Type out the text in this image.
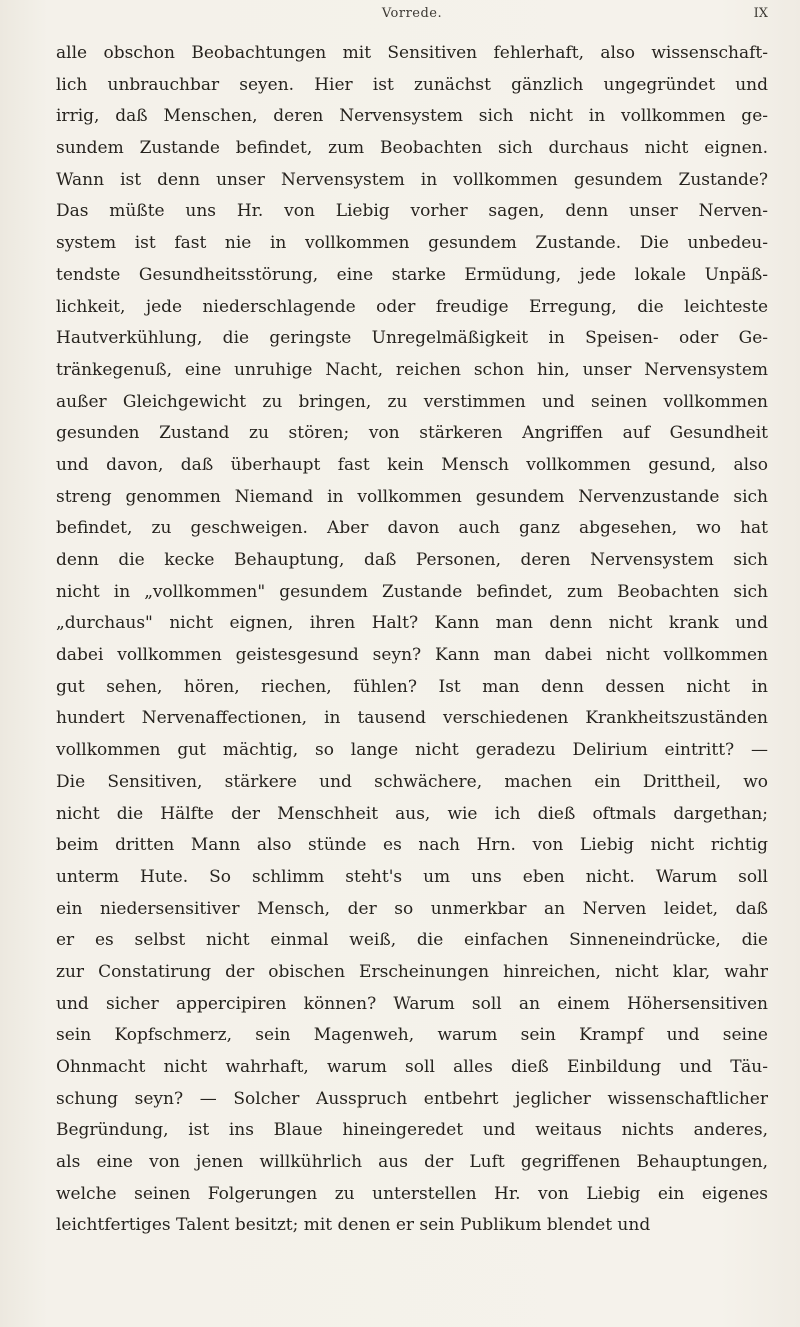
Vorrede.	IX
alle obschon Beobachtungen mit Sensitiven fehlerhaft, also wissenschaft-
lich unbrauchbar seyen. Hier ist zunächst gänzlich ungegründet und
irrig, daß Menschen, deren Nervensystem sich nicht in vollkommen ge-
sundem Zustande befindet, zum Beobachten sich durchaus nicht eignen.
Wann ist denn unser Nervensystem in vollkommen gesundem Zustande?
Das müßte uns Hr. von Liebig vorher sagen, denn unser Nerven-
system ist fast nie in vollkommen gesundem Zustande. Die unbedeu-
tendste Gesundheitsstörung, eine starke Ermüdung, jede lokale Unpäß-
lichkeit, jede niederschlagende oder freudige Erregung, die leichteste
Hautverkühlung, die geringste Unregelmäßigkeit in Speisen- oder Ge-
tränkegenuß, eine unruhige Nacht, reichen schon hin, unser Nervensystem
außer Gleichgewicht zu bringen, zu verstimmen und seinen vollkommen
gesunden Zustand zu stören; von stärkeren Angriffen auf Gesundheit
und davon, daß überhaupt fast kein Mensch vollkommen gesund, also
streng genommen Niemand in vollkommen gesundem Nervenzustande sich
befindet, zu geschweigen. Aber davon auch ganz abgesehen, wo hat
denn die kecke Behauptung, daß Personen, deren Nervensystem sich
nicht in „vollkommen" gesundem Zustande befindet, zum Beobachten sich
„durchaus" nicht eignen, ihren Halt? Kann man denn nicht krank und
dabei vollkommen geistesgesund seyn? Kann man dabei nicht vollkommen
gut sehen, hören, riechen, fühlen? Ist man denn dessen nicht in
hundert Nervenaffectionen, in tausend verschiedenen Krankheitszuständen
vollkommen gut mächtig, so lange nicht geradezu Delirium eintritt? —
Die Sensitiven, stärkere und schwächere, machen ein Drittheil, wo
nicht die Hälfte der Menschheit aus, wie ich dieß oftmals dargethan;
beim dritten Mann also stünde es nach Hrn. von Liebig nicht richtig
unterm Hute. So schlimm steht's um uns eben nicht. Warum soll
ein niedersensitiver Mensch, der so unmerkbar an Nerven leidet, daß
er es selbst nicht einmal weiß, die einfachen Sinneneindrücke, die
zur Constatirung der obischen Erscheinungen hinreichen, nicht klar, wahr
und sicher appercipiren können? Warum soll an einem Höhersensitiven
sein Kopfschmerz, sein Magenweh, warum sein Krampf und seine
Ohnmacht nicht wahrhaft, warum soll alles dieß Einbildung und Täu-
schung seyn? — Solcher Ausspruch entbehrt jeglicher wissenschaftlicher
Begründung, ist ins Blaue hineingeredet und weitaus nichts anderes,
als eine von jenen willkührlich aus der Luft gegriffenen Behauptungen,
welche seinen Folgerungen zu unterstellen Hr. von Liebig ein eigenes
leichtfertiges Talent besitzt; mit denen er sein Publikum blendet und
